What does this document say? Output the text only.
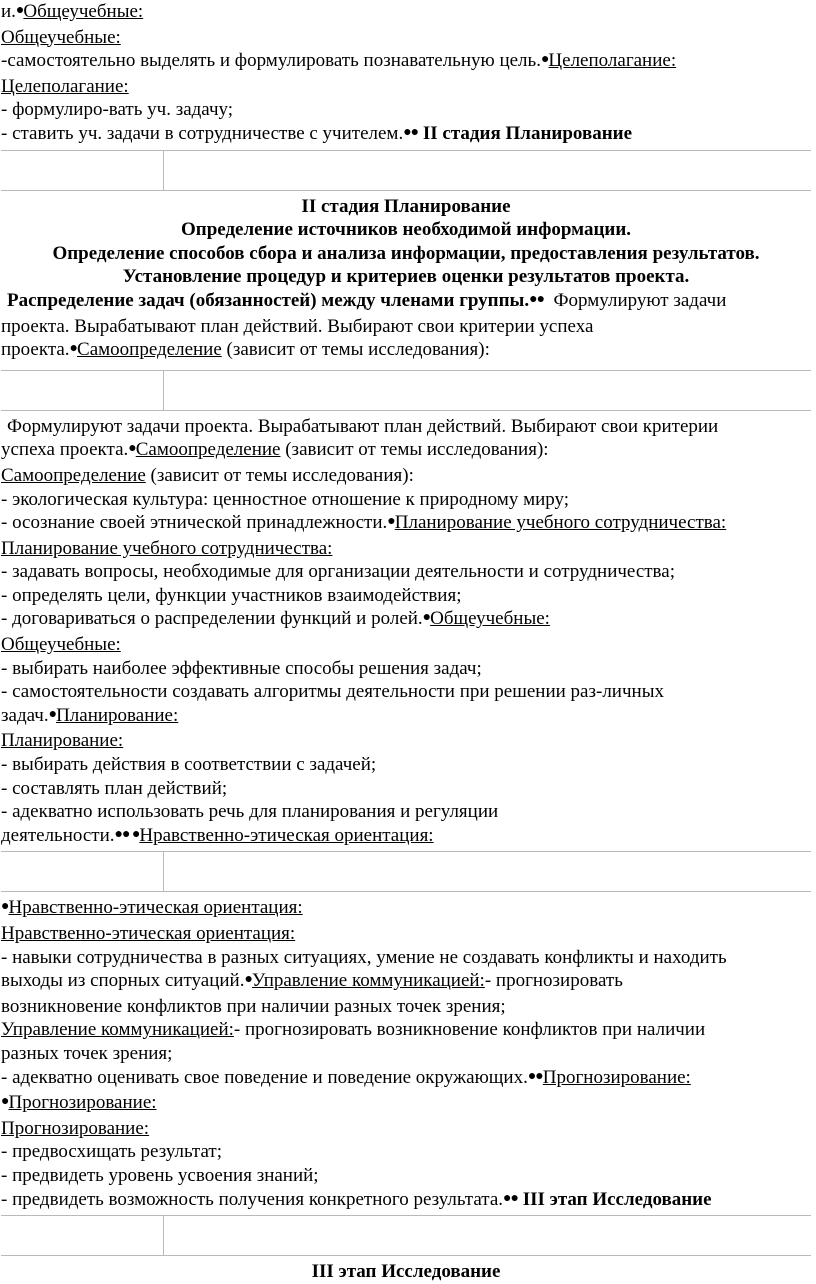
и.●Общеучебные:
Общеучебные:
-самостоятельно выделять и формулировать познавательную цель.●Целеполагание:
Целеполагание:
- формулиро-вать уч. задачу;
- ставить уч. задачи в сотрудничестве с учителем.●● II стадия Планирование
II стадия Планирование
Определение источников необходимой информации.
Определение способов сбора и анализа информации, предоставления результатов.
Установление процедур и критериев оценки результатов проекта.
Распределение задач (обязанностей) между членами группы.●● Формулируют задачи
проекта. Вырабатывают план действий. Выбирают свои критерии успеха
проекта.●Самоопределение (зависит от темы исследования):
Формулируют задачи проекта. Вырабатывают план действий. Выбирают свои критерии
успеха проекта.●Самоопределение (зависит от темы исследования):
Самоопределение (зависит от темы исследования):
- экологическая культура: ценностное отношение к природному миру;
- осознание своей этнической принадлежности.●Планирование учебного сотрудничества:
Планирование учебного сотрудничества:
- задавать вопросы, необходимые для организации деятельности и сотрудничества;
- определять цели, функции участников взаимодействия;
- договариваться о распределении функций и ролей.●Общеучебные:
Общеучебные:
- выбирать наиболее эффективные способы решения задач;
- самостоятельности создавать алгоритмы деятельности при решении раз-личных
задач.●Планирование:
Планирование:
- выбирать действия в соответствии с задачей;
- составлять план действий;
- адекватно использовать речь для планирования и регуляции
деятельности.●● ●Нравственно-этическая ориентация:
●Нравственно-этическая ориентация:
Нравственно-этическая ориентация:
- навыки сотрудничества в разных ситуациях, умение не создавать конфликты и находить
выходы из спорных ситуаций.●Управление коммуникацией:- прогнозировать
возникновение конфликтов при наличии разных точек зрения;
Управление коммуникацией:- прогнозировать возникновение конфликтов при наличии
разных точек зрения;
- адекватно оценивать свое поведение и поведение окружающих.●●Прогнозирование:
●Прогнозирование:
Прогнозирование:
- предвосхищать результат;
- предвидеть уровень усвоения знаний;
- предвидеть возможность получения конкретного результата.●● III этап Исследование
III этап Исследование
